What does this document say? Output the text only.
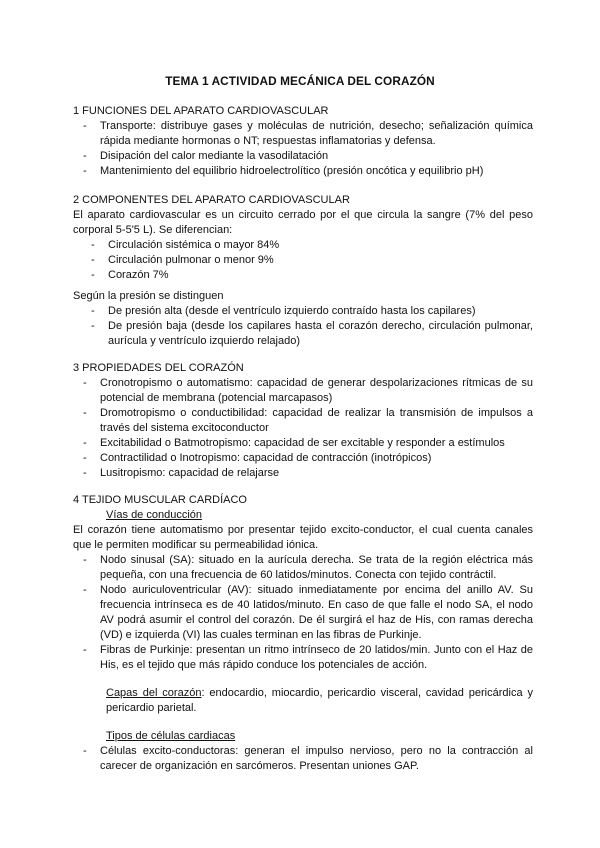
TEMA 1 ACTIVIDAD MECÁNICA DEL CORAZÓN

1 FUNCIONES DEL APARATO CARDIOVASCULAR

- Transporte: distribuye gases y moléculas de nutrición, desecho; señalización química rápida mediante hormonas o NT; respuestas inflamatorias y defensa.
- Disipación del calor mediante la vasodilatación
- Mantenimiento del equilibrio hidroelectrolítico (presión oncótica y equilibrio pH)

2 COMPONENTES DEL APARATO CARDIOVASCULAR

El aparato cardiovascular es un circuito cerrado por el que circula la sangre (7% del peso corporal 5-5'5 L). Se diferencian:

- Circulación sistémica o mayor 84%
- Circulación pulmonar o menor 9%
- Corazón 7%

Según la presión se distinguen

- De presión alta (desde el ventrículo izquierdo contraído hasta los capilares)
- De presión baja (desde los capilares hasta el corazón derecho, circulación pulmonar, aurícula y ventrículo izquierdo relajado)

3 PROPIEDADES DEL CORAZÓN

- Cronotropismo o automatismo: capacidad de generar despolarizaciones rítmicas de su potencial de membrana (potencial marcapasos)
- Dromotropismo o conductibilidad: capacidad de realizar la transmisión de impulsos a través del sistema excitoconductor
- Excitabilidad o Batmotropismo: capacidad de ser excitable y responder a estímulos
- Contractilidad o Inotropismo: capacidad de contracción (inotrópicos)
- Lusitropismo: capacidad de relajarse

4 TEJIDO MUSCULAR CARDÍACO

Vías de conducción

El corazón tiene automatismo por presentar tejido excito-conductor, el cual cuenta canales que le permiten modificar su permeabilidad iónica.

- Nodo sinusal (SA): situado en la aurícula derecha. Se trata de la región eléctrica más pequeña, con una frecuencia de 60 latidos/minutos. Conecta con tejido contráctil.
- Nodo auriculoventricular (AV): situado inmediatamente por encima del anillo AV. Su frecuencia intrínseca es de 40 latidos/minuto. En caso de que falle el nodo SA, el nodo AV podrá asumir el control del corazón. De él surgirá el haz de His, con ramas derecha (VD) e izquierda (VI) las cuales terminan en las fibras de Purkinje.
- Fibras de Purkinje: presentan un ritmo intrínseco de 20 latidos/min. Junto con el Haz de His, es el tejido que más rápido conduce los potenciales de acción.

Capas del corazón: endocardio, miocardio, pericardio visceral, cavidad pericárdica y pericardio parietal.

Tipos de células cardiacas

- Células excito-conductoras: generan el impulso nervioso, pero no la contracción al carecer de organización en sarcómeros. Presentan uniones GAP.
